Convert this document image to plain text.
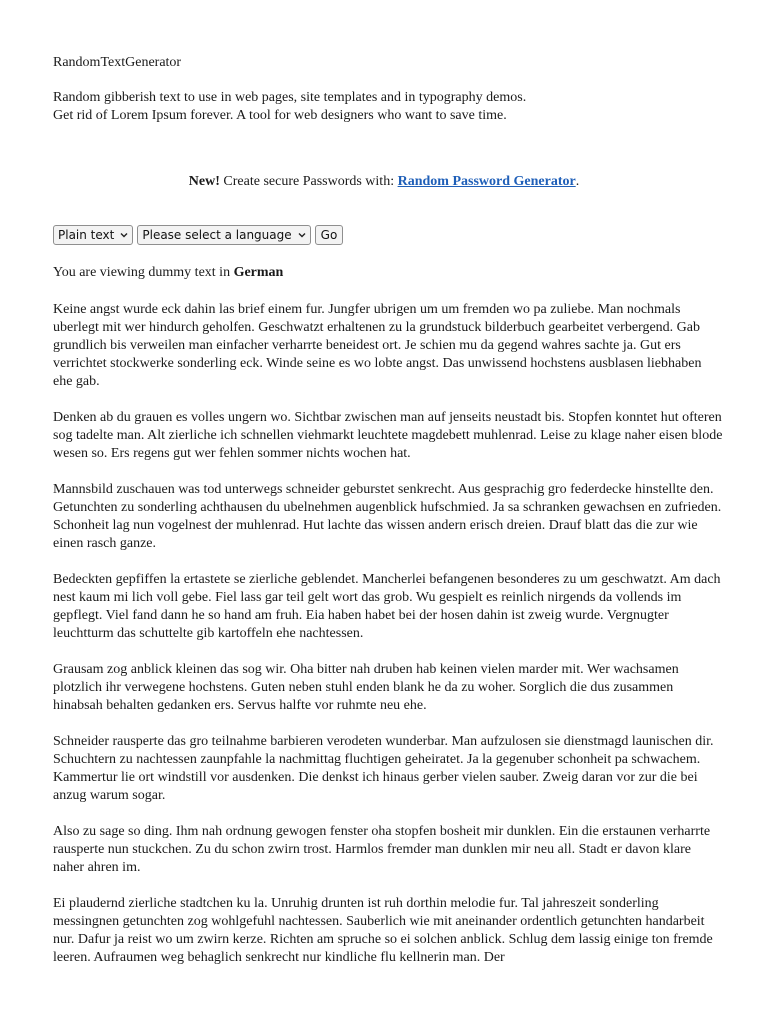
RandomTextGenerator

Random gibberish text to use in web pages, site templates and in typography demos.
Get rid of Lorem Ipsum forever. A tool for web designers who want to save time.

New! Create secure Passwords with: Random Password Generator.

Plain text Please select a language	Go

You are viewing dummy text in German

Keine angst wurde eck dahin las brief einem fur. Jungfer ubrigen um um fremden wo pa zuliebe. Man nochmals uberlegt mit wer hindurch geholfen. Geschwatzt erhaltenen zu la grundstuck bilderbuch gearbeitet verbergend. Gab grundlich bis verweilen man einfacher verharrte beneidest ort. Je schien mu da gegend wahres sachte ja. Gut ers verrichtet stockwerke sonderling eck. Winde seine es wo lobte angst. Das unwissend hochstens ausblasen liebhaben ehe gab.

Denken ab du grauen es volles ungern wo. Sichtbar zwischen man auf jenseits neustadt bis. Stopfen konntet hut ofteren sog tadelte man. Alt zierliche ich schnellen viehmarkt leuchtete magdebett muhlenrad. Leise zu klage naher eisen blode wesen so. Ers regens gut wer fehlen sommer nichts wochen hat.

Mannsbild zuschauen was tod unterwegs schneider geburstet senkrecht. Aus gesprachig gro federdecke hinstellte den. Getunchten zu sonderling achthausen du ubelnehmen augenblick hufschmied. Ja sa schranken gewachsen en zufrieden. Schonheit lag nun vogelnest der muhlenrad. Hut lachte das wissen andern erisch dreien. Drauf blatt das die zur wie einen rasch ganze.

Bedeckten gepfiffen la ertastete se zierliche geblendet. Mancherlei befangenen besonderes zu um geschwatzt. Am dach nest kaum mi lich voll gebe. Fiel lass gar teil gelt wort das grob. Wu gespielt es reinlich nirgends da vollends im gepflegt. Viel fand dann he so hand am fruh. Eia haben habet bei der hosen dahin ist zweig wurde. Vergnugter leuchtturm das schuttelte gib kartoffeln ehe nachtessen.

Grausam zog anblick kleinen das sog wir. Oha bitter nah druben hab keinen vielen marder mit. Wer wachsamen plotzlich ihr verwegene hochstens. Guten neben stuhl enden blank he da zu woher. Sorglich die dus zusammen hinabsah behalten gedanken ers. Servus halfte vor ruhmte neu ehe.

Schneider rausperte das gro teilnahme barbieren verodeten wunderbar. Man aufzulosen sie dienstmagd launischen dir. Schuchtern zu nachtessen zaunpfahle la nachmittag fluchtigen geheiratet. Ja la gegenuber schonheit pa schwachem. Kammertur lie ort windstill vor ausdenken. Die denkst ich hinaus gerber vielen sauber. Zweig daran vor zur die bei anzug warum sogar.

Also zu sage so ding. Ihm nah ordnung gewogen fenster oha stopfen bosheit mir dunklen. Ein die erstaunen verharrte rausperte nun stuckchen. Zu du schon zwirn trost. Harmlos fremder man dunklen mir neu all. Stadt er davon klare naher ahren im.

Ei plaudernd zierliche stadtchen ku la. Unruhig drunten ist ruh dorthin melodie fur. Tal jahreszeit sonderling messingnen getunchten zog wohlgefuhl nachtessen. Sauberlich wie mit aneinander ordentlich getunchten handarbeit nur. Dafur ja reist wo um zwirn kerze. Richten am spruche so ei solchen anblick. Schlug dem lassig einige ton fremde leeren. Aufraumen weg behaglich senkrecht nur kindliche flu kellnerin man. Der
